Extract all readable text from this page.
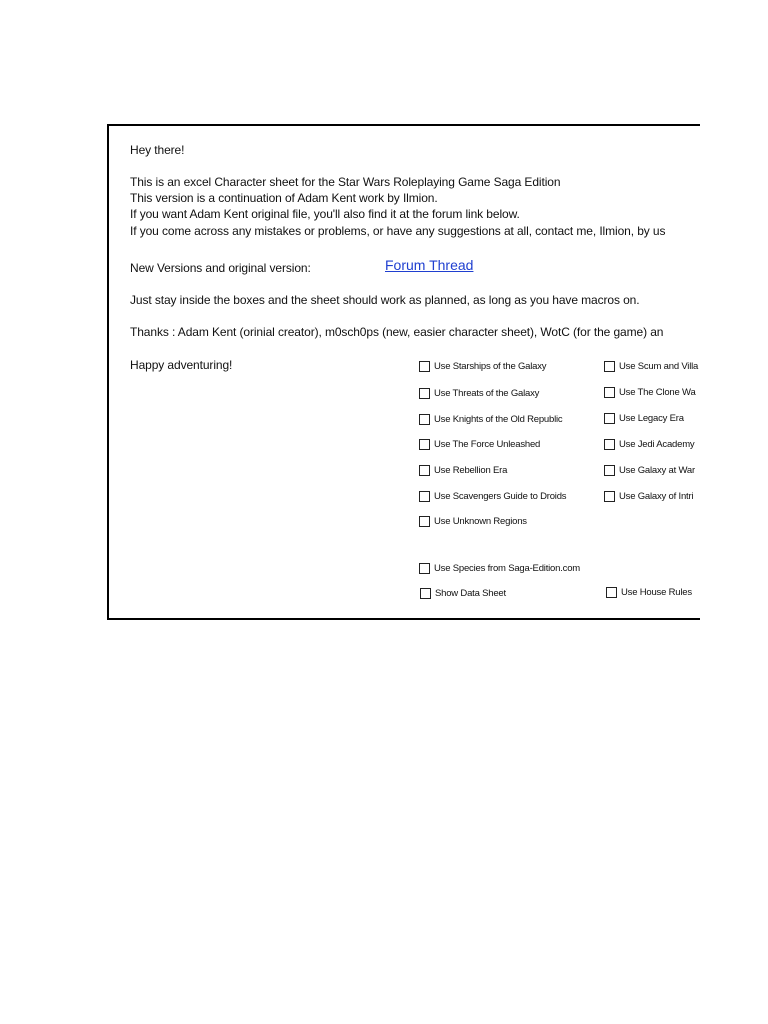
Hey there!
This is an excel Character sheet for the Star Wars Roleplaying Game Saga Edition
This version is a continuation of Adam Kent work by Ilmion.
If you want Adam Kent original file, you'll also find it at the forum link below.
If you come across any mistakes or problems, or have any suggestions at all, contact me, Ilmion, by us
New Versions and original version:	Forum Thread
Just stay inside the boxes and the sheet should work as planned, as long as you have macros on.
Thanks : Adam Kent (orinial creator), m0sch0ps (new, easier character sheet), WotC (for the game) an
Happy adventuring!	Use Starships of the Galaxy
Use Threats of the Galaxy
Use Knights of the Old Republic
Use The Force Unleashed
Use Rebellion Era
Use Scavengers Guide to Droids
Use Unknown Regions
Use Scum and Villa
Use The Clone Wa
Use Legacy Era
Use Jedi Academy
Use Galaxy at War
Use Galaxy of Intri
Use Species from Saga-Edition.com
Show Data Sheet	Use House Rules
